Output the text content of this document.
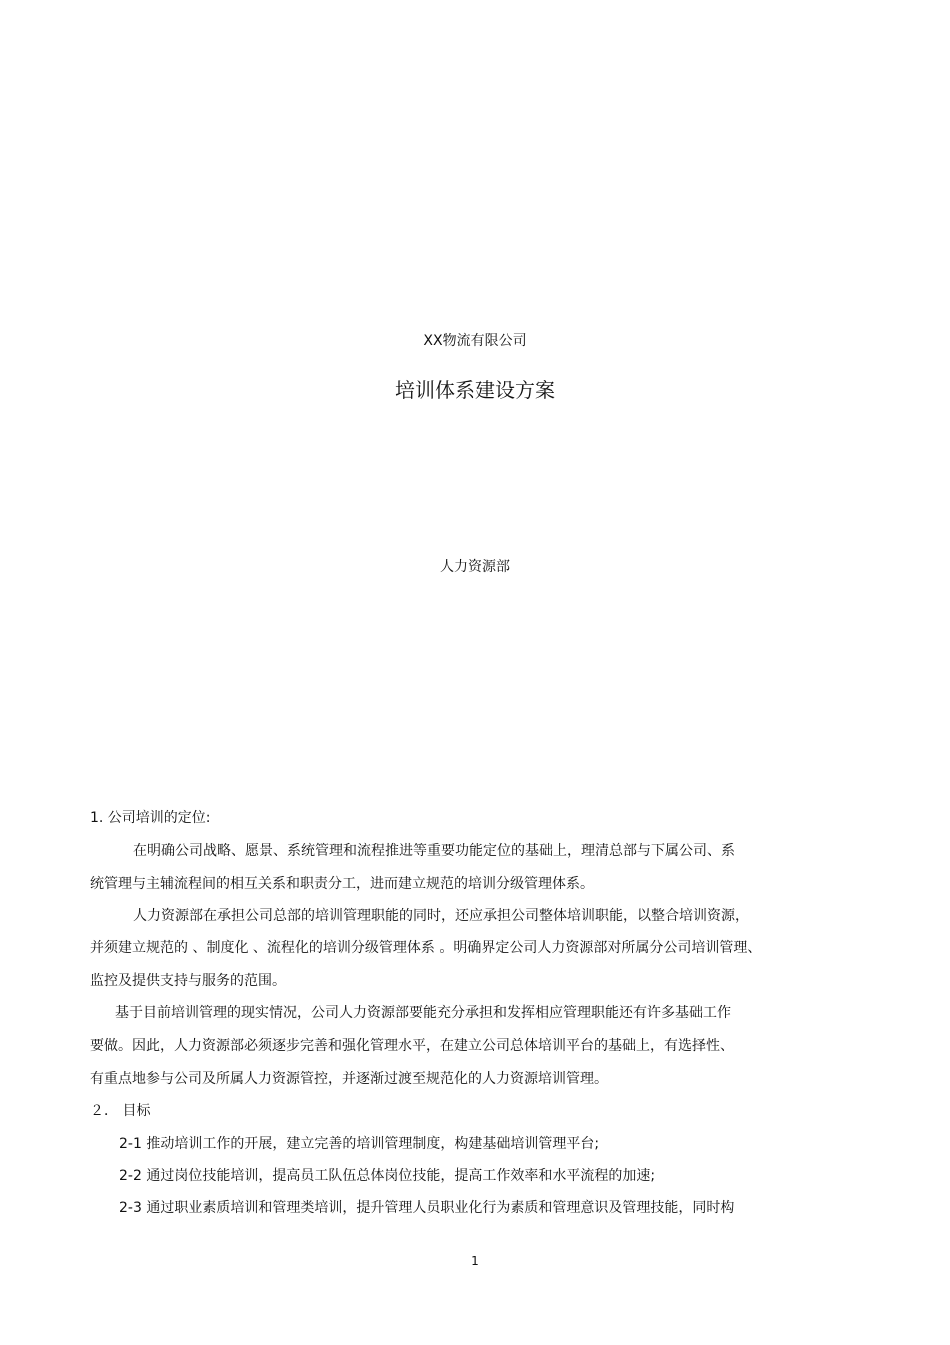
XX物流有限公司
培训体系建设方案
人力资源部
1. 公司培训的定位:
在明确公司战略、愿景、系统管理和流程推进等重要功能定位的基础上，理清总部与下属公司、系
统管理与主辅流程间的相互关系和职责分工，进而建立规范的培训分级管理体系。
人力资源部在承担公司总部的培训管理职能的同时，还应承担公司整体培训职能，以整合培训资源，
并须建立规范的 、制度化 、流程化的培训分级管理体系 。明确界定公司人力资源部对所属分公司培训管理、
监控及提供支持与服务的范围。
基于目前培训管理的现实情况，公司人力资源部要能充分承担和发挥相应管理职能还有许多基础工作
要做。因此，人力资源部必须逐步完善和强化管理水平，在建立公司总体培训平台的基础上，有选择性、
有重点地参与公司及所属人力资源管控，并逐渐过渡至规范化的人力资源培训管理。
２． 目标
2-1 推动培训工作的开展，建立完善的培训管理制度，构建基础培训管理平台;
2-2 通过岗位技能培训，提高员工队伍总体岗位技能，提高工作效率和水平流程的加速;
2-3 通过职业素质培训和管理类培训，提升管理人员职业化行为素质和管理意识及管理技能，同时构
1
